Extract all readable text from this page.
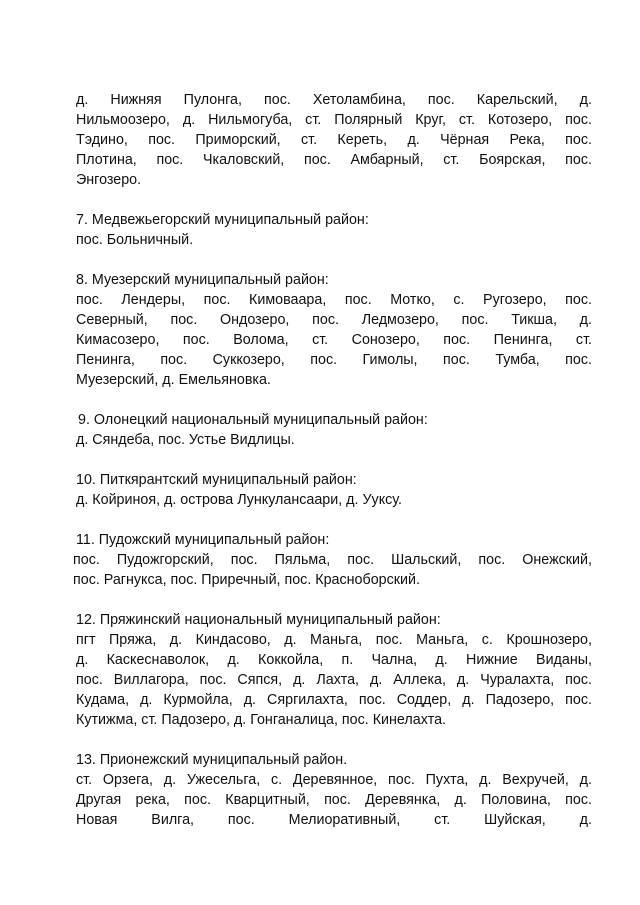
д. Нижняя Пулонга, пос. Хетоламбина, пос. Карельский, д.
Нильмоозеро, д. Нильмогуба, ст. Полярный Круг, ст. Котозеро, пос.
Тэдино, пос. Приморский, ст. Кереть, д. Чёрная Река, пос.
Плотина, пос. Чкаловский, пос. Амбарный, ст. Боярская, пос.
Энгозеро.
7. Медвежьегорский муниципальный район:
пос. Больничный.
8. Муезерский муниципальный район:
пос. Лендеры, пос. Кимоваара, пос. Мотко, с. Ругозеро, пос.
Северный, пос. Ондозеро, пос. Ледмозеро, пос. Тикша, д.
Кимасозеро, пос. Волома, ст. Сонозеро, пос. Пенинга, ст.
Пенинга, пос. Суккозеро, пос. Гимолы, пос. Тумба, пос.
Муезерский, д. Емельяновка.
9. Олонецкий национальный муниципальный район:
д. Сяндеба, пос. Устье Видлицы.
10. Питкярантский муниципальный район:
д. Койриноя, д. острова Лункулансаари, д. Ууксу.
11. Пудожский муниципальный район:
пос. Пудожгорский, пос. Пяльма, пос. Шальский, пос. Онежский,
пос. Рагнукса, пос. Приречный, пос. Красноборский.
12. Пряжинский национальный муниципальный район:
пгт Пряжа, д. Киндасово, д. Маньга, пос. Маньга, с. Крошнозеро,
д. Каскеснаволок, д. Коккойла, п. Чална, д. Нижние Виданы,
пос. Виллагора, пос. Сяпся, д. Лахта, д. Аллека, д. Чуралахта, пос.
Кудама, д. Курмойла, д. Сяргилахта, пос. Соддер, д. Падозеро, пос.
Кутижма, ст. Падозеро, д. Гонганалица, пос. Кинелахта.
13. Прионежский муниципальный район.
ст. Орзега, д. Ужесельга, с. Деревянное, пос. Пухта, д. Вехручей, д.
Другая река, пос. Кварцитный, пос. Деревянка, д. Половина, пос.
Новая Вилга, пос. Мелиоративный, ст. Шуйская, д.
